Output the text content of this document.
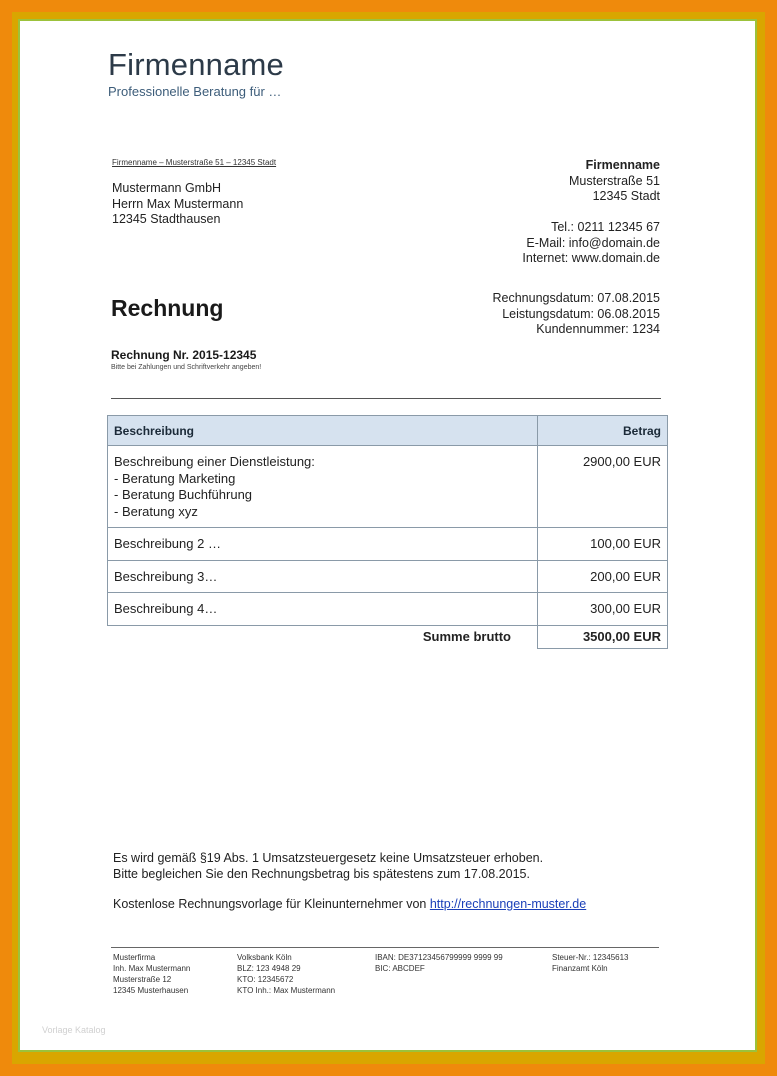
Firmenname
Professionelle Beratung für …
Firmenname – Musterstraße 51 – 12345 Stadt
Mustermann GmbH
Herrn Max Mustermann
12345 Stadthausen
Firmenname
Musterstraße 51
12345 Stadt
Tel.: 0211 12345 67
E-Mail: info@domain.de
Internet: www.domain.de
Rechnung	Rechnungsdatum: 07.08.2015
Leistungsdatum: 06.08.2015
Kundennummer: 1234
Rechnung Nr. 2015-12345
Bitte bei Zahlungen und Schriftverkehr angeben!
Beschreibung	Betrag

Beschreibung einer Dienstleistung:
- Beratung Marketing
- Beratung Buchführung
- Beratung xyz	2900,00 EUR
Beschreibung 2 …	100,00 EUR
Beschreibung 3…	200,00 EUR
Beschreibung 4…	300,00 EUR
Summe brutto	3500,00 EUR
Es wird gemäß §19 Abs. 1 Umsatzsteuergesetz keine Umsatzsteuer erhoben.
Bitte begleichen Sie den Rechnungsbetrag bis spätestens zum 17.08.2015.
Kostenlose Rechnungsvorlage für Kleinunternehmer von http://rechnungen-muster.de
Musterfirma
Inh. Max Mustermann
Musterstraße 12
12345 Musterhausen
Volksbank Köln
BLZ: 123 4948 29
KTO: 12345672
KTO Inh.: Max Mustermann
IBAN: DE37123456799999 9999 99
BIC: ABCDEF
Steuer-Nr.: 12345613
Finanzamt Köln
Vorlage Katalog
